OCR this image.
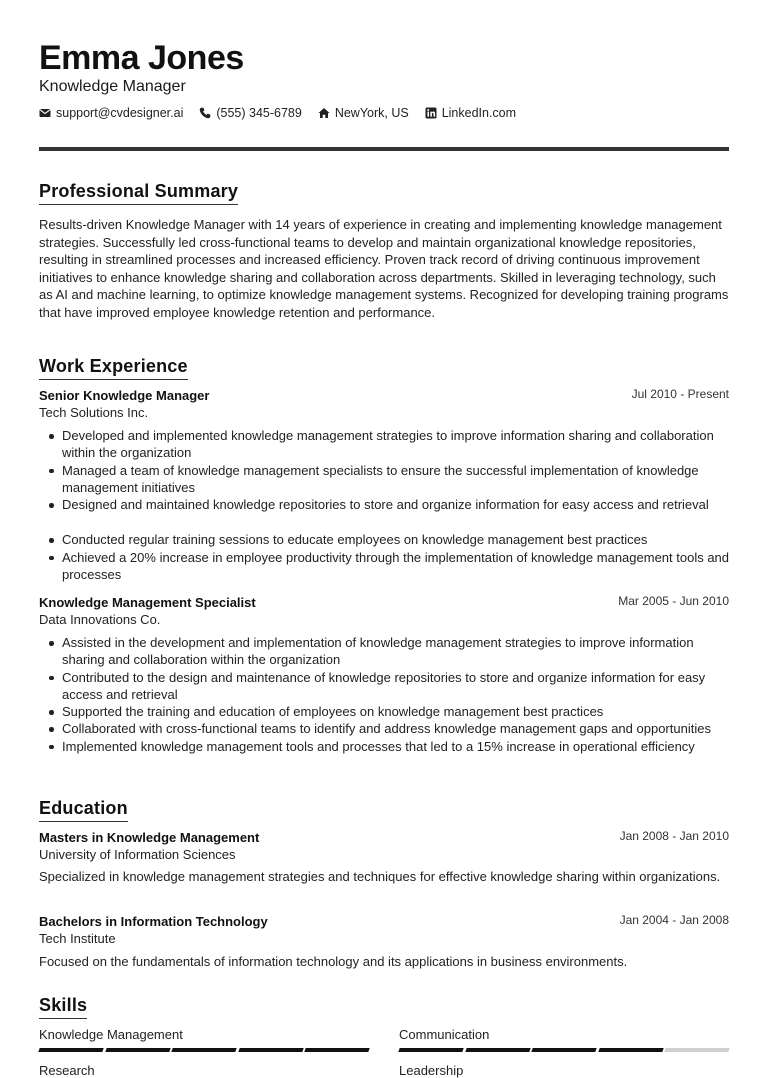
Emma Jones
Knowledge Manager
support@cvdesigner.ai	(555) 345-6789	NewYork, US	LinkedIn.com
Professional Summary
Results-driven Knowledge Manager with 14 years of experience in creating and implementing knowledge management strategies. Successfully led cross-functional teams to develop and maintain organizational knowledge repositories, resulting in streamlined processes and increased efficiency. Proven track record of driving continuous improvement initiatives to enhance knowledge sharing and collaboration across departments. Skilled in leveraging technology, such as AI and machine learning, to optimize knowledge management systems. Recognized for developing training programs that have improved employee knowledge retention and performance.
Work Experience
Senior Knowledge Manager	Jul 2010 - Present
Tech Solutions Inc.
Developed and implemented knowledge management strategies to improve information sharing and collaboration within the organization
Managed a team of knowledge management specialists to ensure the successful implementation of knowledge management initiatives
Designed and maintained knowledge repositories to store and organize information for easy access and retrieval
Conducted regular training sessions to educate employees on knowledge management best practices
Achieved a 20% increase in employee productivity through the implementation of knowledge management tools and processes
Knowledge Management Specialist	Mar 2005 - Jun 2010
Data Innovations Co.
Assisted in the development and implementation of knowledge management strategies to improve information sharing and collaboration within the organization
Contributed to the design and maintenance of knowledge repositories to store and organize information for easy access and retrieval
Supported the training and education of employees on knowledge management best practices
Collaborated with cross-functional teams to identify and address knowledge management gaps and opportunities
Implemented knowledge management tools and processes that led to a 15% increase in operational efficiency
Education
Masters in Knowledge Management	Jan 2008 - Jan 2010
University of Information Sciences
Specialized in knowledge management strategies and techniques for effective knowledge sharing within organizations.
Bachelors in Information Technology	Jan 2004 - Jan 2008
Tech Institute
Focused on the fundamentals of information technology and its applications in business environments.
Skills
Knowledge Management	Communication
Research	Leadership
